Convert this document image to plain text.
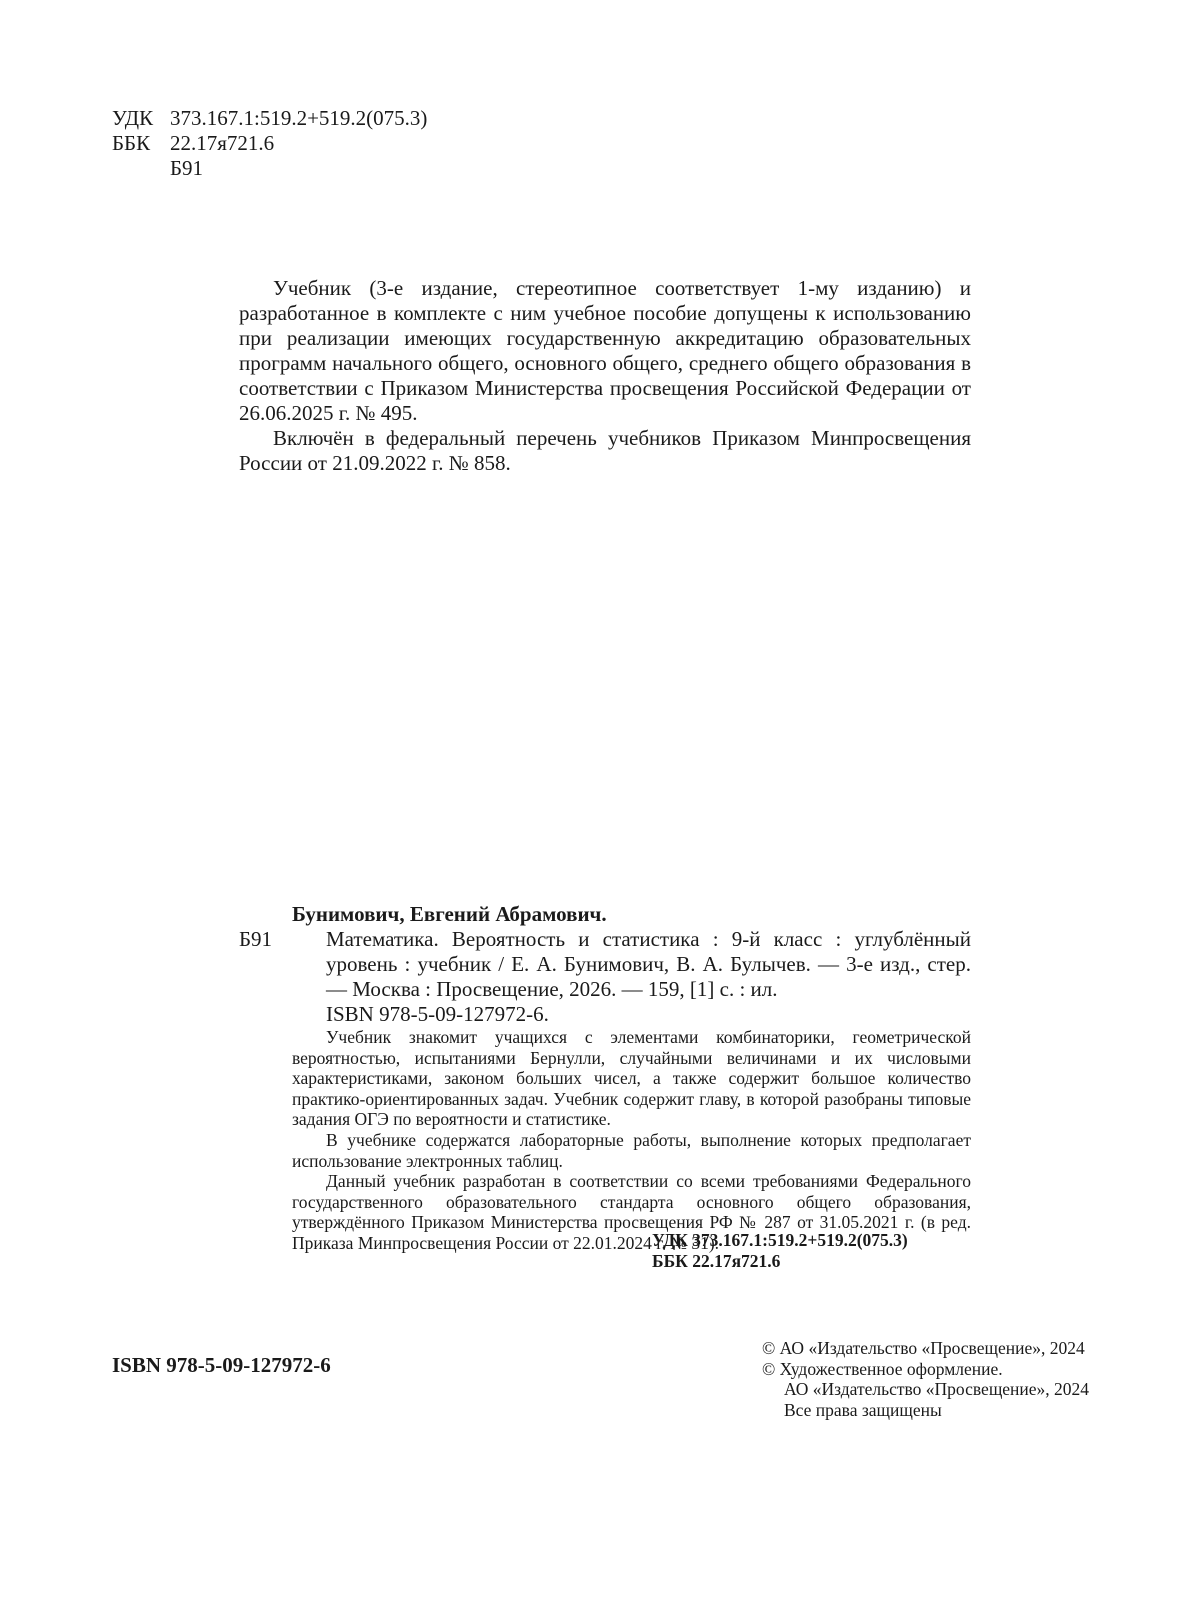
УДК 373.167.1:519.2+519.2(075.3)
ББК 22.17я721.6
Б91

Учебник (3-е издание, стереотипное соответствует 1-му изданию) и разработанное в комплекте с ним учебное пособие допущены к использованию при реализации имеющих государственную аккредитацию образовательных программ начального общего, основного общего, среднего общего образования в соответствии с Приказом Министерства просвещения Российской Федерации от 26.06.2025 г. № 495.

Включён в федеральный перечень учебников Приказом Минпросвещения России от 21.09.2022 г. № 858.

Бунимович, Евгений Абрамович.
Б91	Математика. Вероятность и статистика : 9-й класс : углублённый уровень : учебник / Е. А. Бунимович, В. А. Булычев. — 3-е изд., стер. — Москва : Просвещение, 2026. — 159, [1] с. : ил.
ISBN 978-5-09-127972-6.

Учебник знакомит учащихся с элементами комбинаторики, геометрической вероятностью, испытаниями Бернулли, случайными величинами и их числовыми характеристиками, законом больших чисел, а также содержит большое количество практико-ориентированных задач. Учебник содержит главу, в которой разобраны типовые задания ОГЭ по вероятности и статистике.

В учебнике содержатся лабораторные работы, выполнение которых предполагает использование электронных таблиц.

Данный учебник разработан в соответствии со всеми требованиями Федерального государственного образовательного стандарта основного общего образования, утверждённого Приказом Министерства просвещения РФ № 287 от 31.05.2021 г. (в ред. Приказа Минпросвещения России от 22.01.2024 г. № 31).

УДК 373.167.1:519.2+519.2(075.3)
ББК 22.17я721.6
ISBN 978-5-09-127972-6
© АО «Издательство «Просвещение», 2024
© Художественное оформление.
АО «Издательство «Просвещение», 2024
Все права защищены
